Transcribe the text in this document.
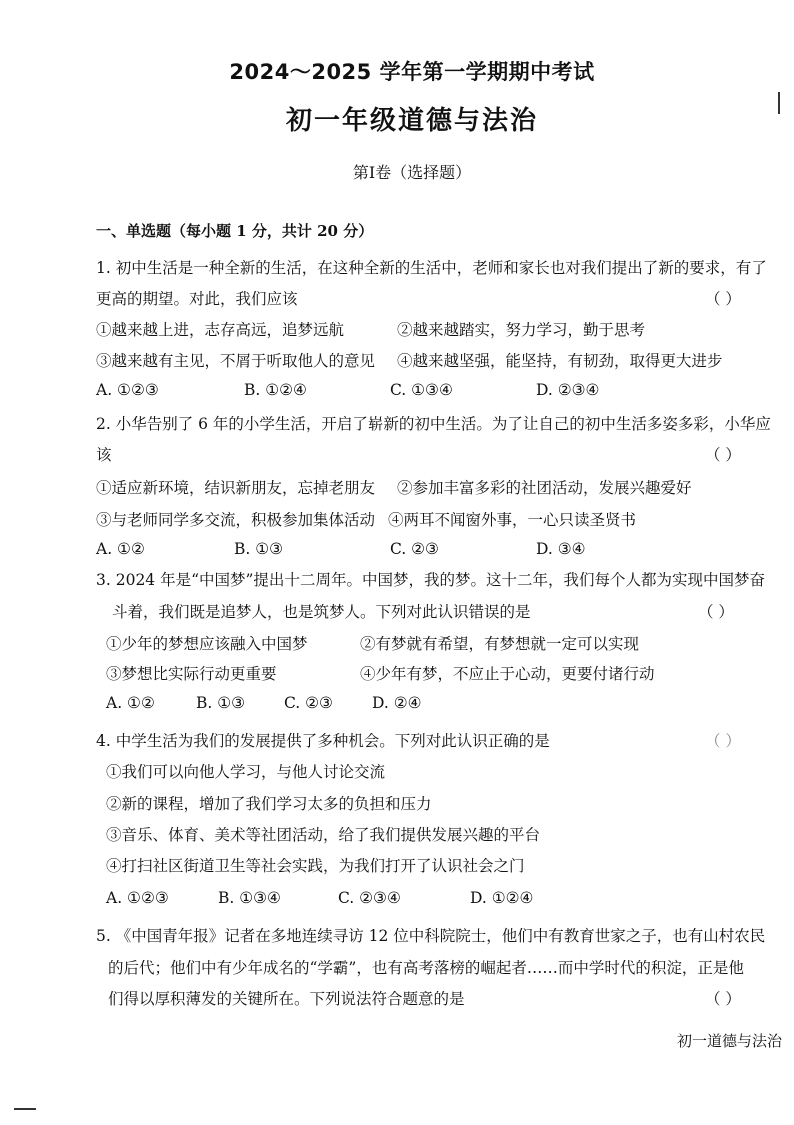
2024～2025 学年第一学期期中考试
初一年级道德与法治
第Ⅰ卷（选择题）
一、单选题（每小题 1 分，共计 20 分）
1. 初中生活是一种全新的生活，在这种全新的生活中，老师和家长也对我们提出了新的要求，有了
更高的期望。对此，我们应该	（ ）
①越来越上进，志存高远，追梦远航	②越来越踏实，努力学习，勤于思考
③越来越有主见，不屑于听取他人的意见 ④越来越坚强，能坚持，有韧劲，取得更大进步
A. ①②③	B. ①②④	C. ①③④	D. ②③④
2. 小华告别了 6 年的小学生活，开启了崭新的初中生活。为了让自己的初中生活多姿多彩，小华应
该	（ ）
①适应新环境，结识新朋友，忘掉老朋友 ②参加丰富多彩的社团活动，发展兴趣爱好
③与老师同学多交流，积极参加集体活动 ④两耳不闻窗外事，一心只读圣贤书
A. ①②	B. ①③	C. ②③	D. ③④
3. 2024 年是“中国梦”提出十二周年。中国梦，我的梦。这十二年，我们每个人都为实现中国梦奋
斗着，我们既是追梦人，也是筑梦人。下列对此认识错误的是	（ ）
①少年的梦想应该融入中国梦	②有梦就有希望，有梦想就一定可以实现
③梦想比实际行动更重要	④少年有梦，不应止于心动，更要付诸行动
A. ①②	B. ①③	C. ②③	D. ②④
4. 中学生活为我们的发展提供了多种机会。下列对此认识正确的是	（ ）
①我们可以向他人学习，与他人讨论交流
②新的课程，增加了我们学习太多的负担和压力
③音乐、体育、美术等社团活动，给了我们提供发展兴趣的平台
④打扫社区街道卫生等社会实践，为我们打开了认识社会之门
A. ①②③	B. ①③④	C. ②③④	D. ①②④
5. 《中国青年报》记者在多地连续寻访 12 位中科院院士，他们中有教育世家之子，也有山村农民
的后代；他们中有少年成名的“学霸”，也有高考落榜的崛起者……而中学时代的积淀，正是他
们得以厚积薄发的关键所在。下列说法符合题意的是	（ ）
初一道德与法治
